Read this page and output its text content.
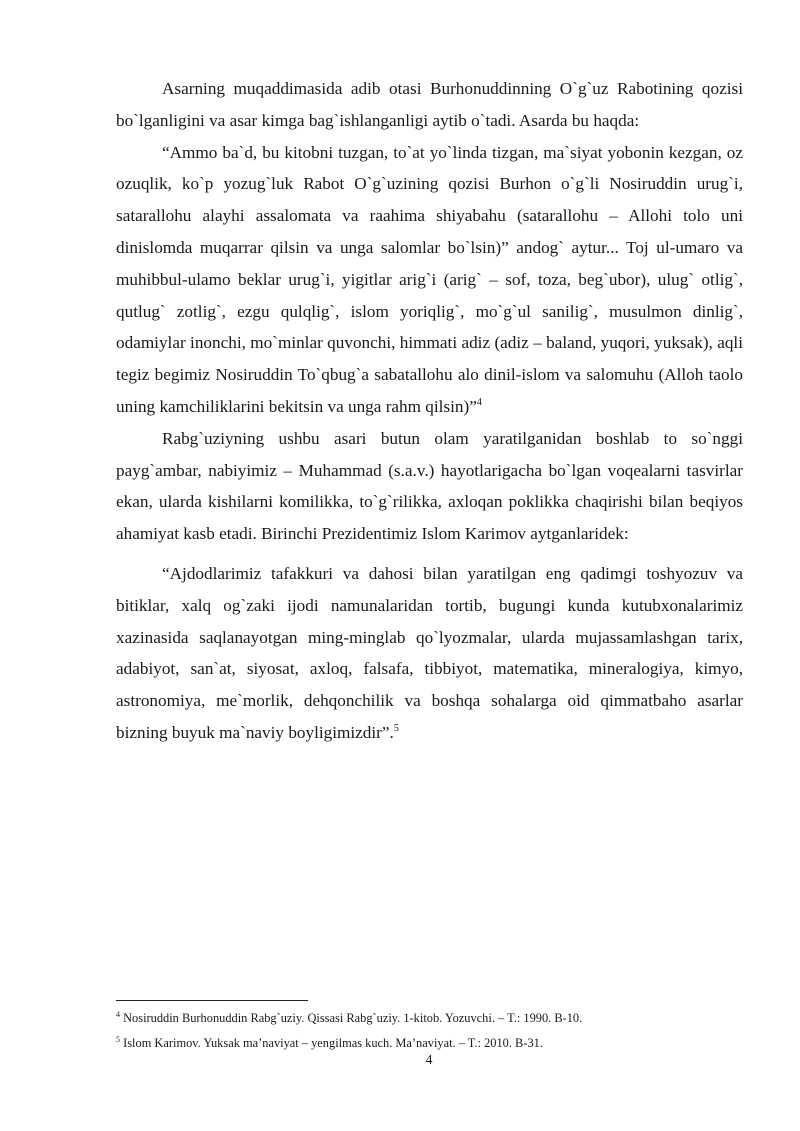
Asarning muqaddimasida adib otasi Burhonuddinning O`g`uz Rabotining qozisi bo`lganligini va asar kimga bag`ishlanganligi aytib o`tadi. Asarda bu haqda:

“Ammo ba`d, bu kitobni tuzgan, to`at yo`linda tizgan, ma`siyat yobonin kezgan, oz ozuqlik, ko`p yozug`luk Rabot O`g`uzining qozisi Burhon o`g`li Nosiruddin urug`i, satarallohu alayhi assalomata va raahima shiyabahu (satarallohu – Allohi tolo uni dinislomda muqarrar qilsin va unga salomlar bo`lsin)” andog` aytur... Toj ul-umaro va muhibbul-ulamo beklar urug`i, yigitlar arig`i (arig` – sof, toza, beg`ubor), ulug` otlig`, qutlug` zotlig`, ezgu qulqlig`, islom yoriqlig`, mo`g`ul sanilig`, musulmon dinlig`, odamiylar inonchi, mo`minlar quvonchi, himmati adiz (adiz – baland, yuqori, yuksak), aqli tegiz begimiz Nosiruddin To`qbug`a sabatallohu alo dinil-islom va salomuhu (Alloh taolo uning kamchiliklarini bekitsin va unga rahm qilsin)”$^4$

Rabg`uziyning ushbu asari butun olam yaratilganidan boshlab to so`nggi payg`ambar, nabiyimiz – Muhammad (s.a.v.) hayotlarigacha bo`lgan voqealarni tasvirlar ekan, ularda kishilarni komilikka, to`g`rilikka, axloqan poklikka chaqirishi bilan beqiyos ahamiyat kasb etadi. Birinchi Prezidentimiz Islom Karimov aytganlaridek:

“Ajdodlarimiz tafakkuri va dahosi bilan yaratilgan eng qadimgi toshyozuv va bitiklar, xalq og`zaki ijodi namunalaridan tortib, bugungi kunda kutubxonalarimiz xazinasida saqlanayotgan ming-minglab qo`lyozmalar, ularda mujassamlashgan tarix, adabiyot, san`at, siyosat, axloq, falsafa, tibbiyot, matematika, mineralogiya, kimyo, astronomiya, me`morlik, dehqonchilik va boshqa sohalarga oid qimmatbaho asarlar bizning buyuk ma`naviy boyligimizdir”.$^5$

$^4$ Nosiruddin Burhonuddin Rabg`uziy. Qissasi Rabg`uziy. 1-kitob. Yozuvchi. – T.: 1990. B-10.

$^5$ Islom Karimov. Yuksak ma’naviyat – yengilmas kuch. Ma’naviyat. – T.: 2010. B-31.

4
